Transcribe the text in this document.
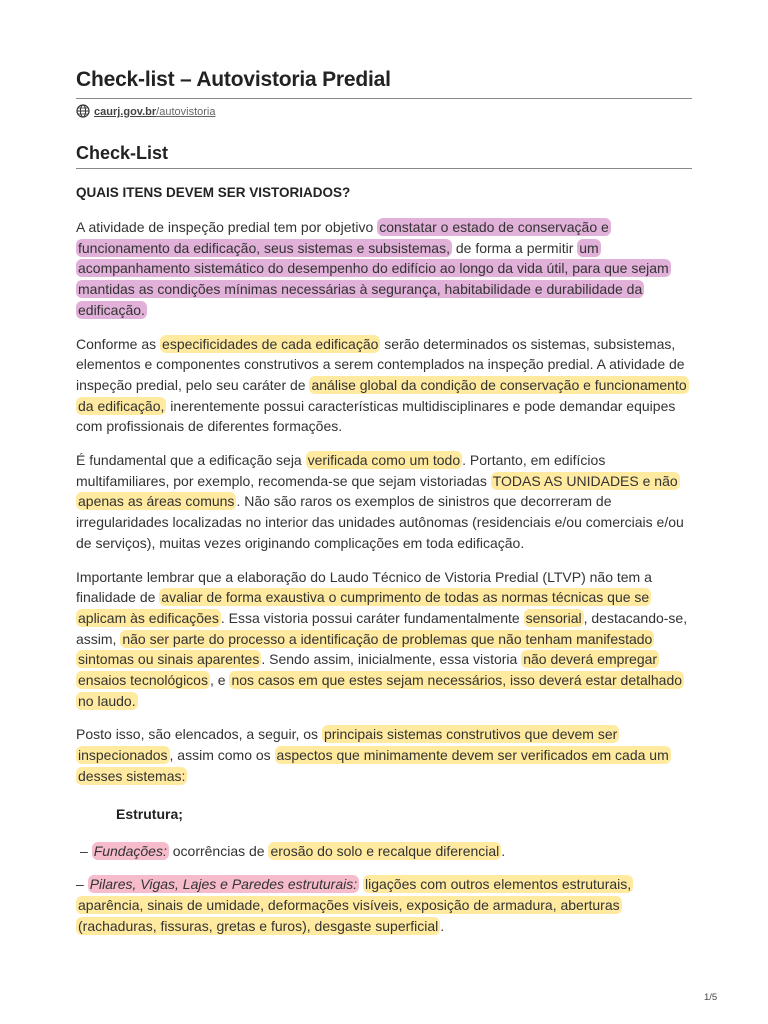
Check-list – Autovistoria Predial
caurj.gov.br /autovistoria
Check-List
QUAIS ITENS DEVEM SER VISTORIADOS?

A atividade de inspeção predial tem por objetivo constatar o estado de conservação e funcionamento da edificação, seus sistemas e subsistemas, de forma a permitir um acompanhamento sistemático do desempenho do edifício ao longo da vida útil, para que sejam mantidas as condições mínimas necessárias à segurança, habitabilidade e durabilidade da edificação.

Conforme as especificidades de cada edificação serão determinados os sistemas, subsistemas, elementos e componentes construtivos a serem contemplados na inspeção predial. A atividade de inspeção predial, pelo seu caráter de análise global da condição de conservação e funcionamento da edificação, inerentemente possui características multidisciplinares e pode demandar equipes com profissionais de diferentes formações.

É fundamental que a edificação seja verificada como um todo . Portanto, em edifícios multifamiliares, por exemplo, recomenda-se que sejam vistoriadas TODAS AS UNIDADES e não apenas as áreas comuns . Não são raros os exemplos de sinistros que decorreram de irregularidades localizadas no interior das unidades autônomas (residenciais e/ou comerciais e/ou de serviços), muitas vezes originando complicações em toda edificação.

Importante lembrar que a elaboração do Laudo Técnico de Vistoria Predial (LTVP) não tem a finalidade de avaliar de forma exaustiva o cumprimento de todas as normas técnicas que se aplicam às edificações . Essa vistoria possui caráter fundamentalmente sensorial , destacando-se, assim, não ser parte do processo a identificação de problemas que não tenham manifestado sintomas ou sinais aparentes . Sendo assim, inicialmente, essa vistoria não deverá empregar ensaios tecnológicos , e nos casos em que estes sejam necessários, isso deverá estar detalhado no laudo.

Posto isso, são elencados, a seguir, os principais sistemas construtivos que devem ser inspecionados , assim como os aspectos que minimamente devem ser verificados em cada um desses sistemas:

Estrutura;

– Fundações: ocorrências de erosão do solo e recalque diferencial .

– Pilares, Vigas, Lajes e Paredes estruturais: ligações com outros elementos estruturais, aparência, sinais de umidade, deformações visíveis, exposição de armadura, aberturas (rachaduras, fissuras, gretas e furos), desgaste superficial .

1/5
